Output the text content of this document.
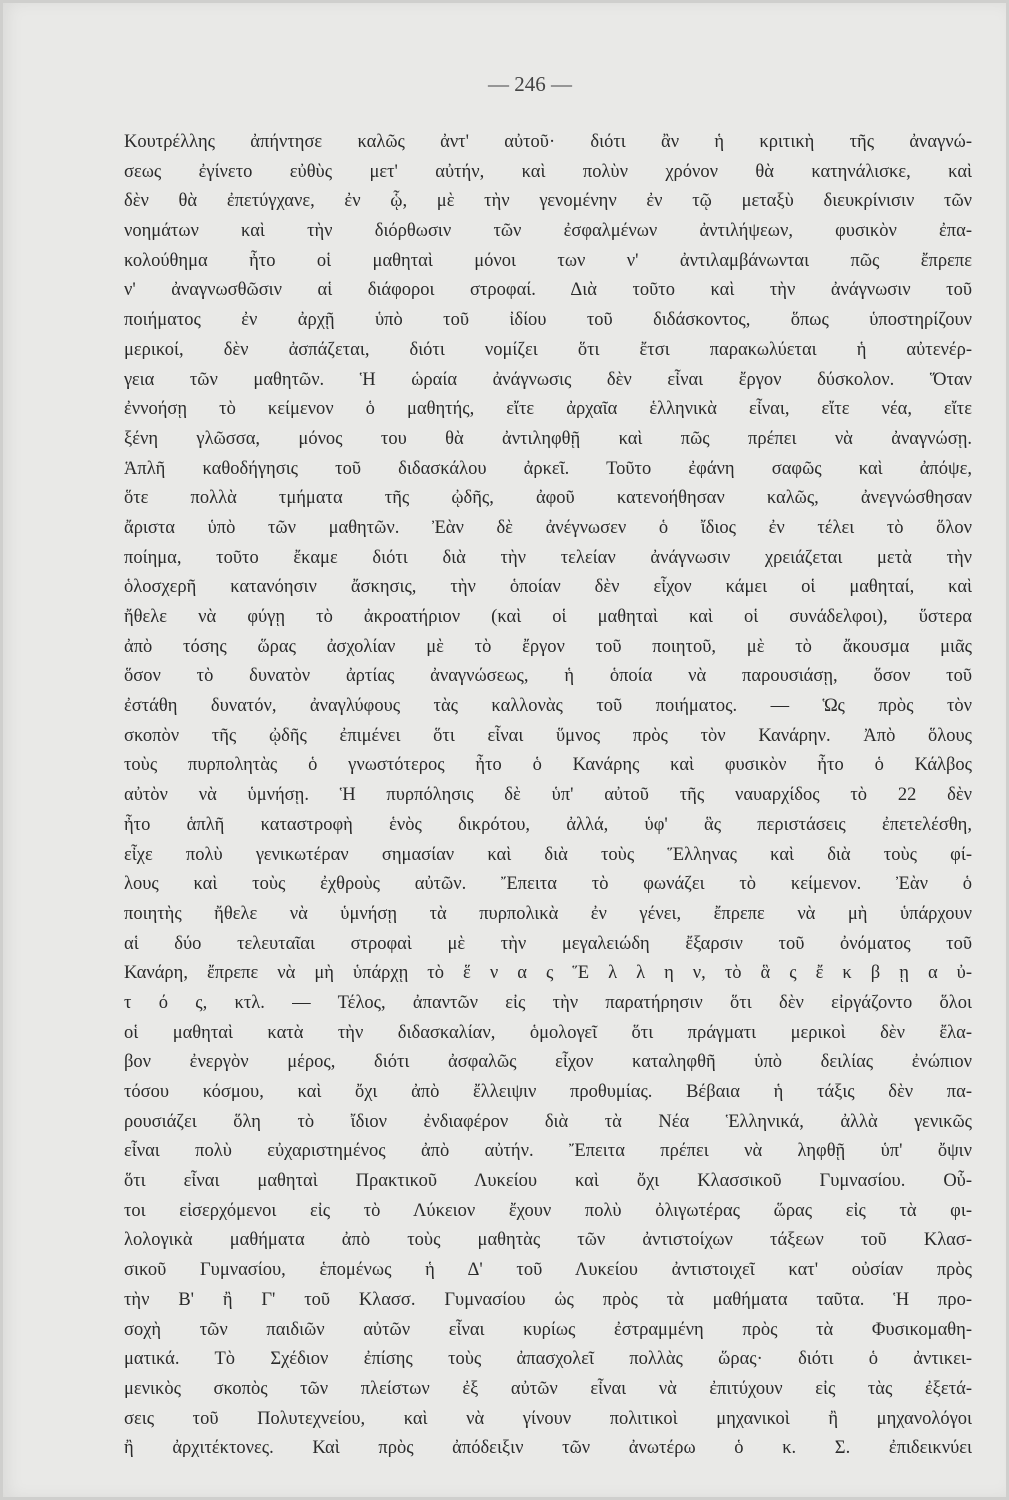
— 246 —
Κουτρέλλης ἀπήντησε καλῶς ἀντ' αὐτοῦ· διότι ἂν ἡ κριτικὴ τῆς ἀναγνώ-
σεως ἐγίνετο εὐθὺς μετ' αὐτήν, καὶ πολὺν χρόνον θὰ κατηνάλισκε, καὶ
δὲν θὰ ἐπετύγχανε, ἐν ᾧ, μὲ τὴν γενομένην ἐν τῷ μεταξὺ διευκρίνισιν τῶν
νοημάτων καὶ τὴν διόρθωσιν τῶν ἐσφαλμένων ἀντιλήψεων, φυσικὸν ἐπα-
κολούθημα ἦτο οἱ μαθηταὶ μόνοι των ν' ἀντιλαμβάνωνται πῶς ἔπρεπε
ν' ἀναγνωσθῶσιν αἱ διάφοροι στροφαί. Διὰ τοῦτο καὶ τὴν ἀνάγνωσιν τοῦ
ποιήματος ἐν ἀρχῇ ὑπὸ τοῦ ἰδίου τοῦ διδάσκοντος, ὅπως ὑποστηρίζουν
μερικοί, δὲν ἀσπάζεται, διότι νομίζει ὅτι ἔτσι παρακωλύεται ἡ αὐτενέρ-
γεια τῶν μαθητῶν. Ἡ ὡραία ἀνάγνωσις δὲν εἶναι ἔργον δύσκολον. Ὅταν
ἐννοήσῃ τὸ κείμενον ὁ μαθητής, εἴτε ἀρχαῖα ἑλληνικὰ εἶναι, εἴτε νέα, εἴτε
ξένη γλῶσσα, μόνος του θὰ ἀντιληφθῇ καὶ πῶς πρέπει νὰ ἀναγνώσῃ.
Ἁπλῆ καθοδήγησις τοῦ διδασκάλου ἀρκεῖ. Τοῦτο ἐφάνη σαφῶς καὶ ἀπόψε,
ὅτε πολλὰ τμήματα τῆς ᾠδῆς, ἀφοῦ κατενοήθησαν καλῶς, ἀνεγνώσθησαν
ἄριστα ὑπὸ τῶν μαθητῶν. Ἐὰν δὲ ἀνέγνωσεν ὁ ἴδιος ἐν τέλει τὸ ὅλον
ποίημα, τοῦτο ἔκαμε διότι διὰ τὴν τελείαν ἀνάγνωσιν χρειάζεται μετὰ τὴν
ὁλοσχερῆ κατανόησιν ἄσκησις, τὴν ὁποίαν δὲν εἶχον κάμει οἱ μαθηταί, καὶ
ἤθελε νὰ φύγῃ τὸ ἀκροατήριον (καὶ οἱ μαθηταὶ καὶ οἱ συνάδελφοι), ὕστερα
ἀπὸ τόσης ὥρας ἀσχολίαν μὲ τὸ ἔργον τοῦ ποιητοῦ, μὲ τὸ ἄκουσμα μιᾶς
ὅσον τὸ δυνατὸν ἀρτίας ἀναγνώσεως, ἡ ὁποία νὰ παρουσιάσῃ, ὅσον τοῦ
ἐστάθη δυνατόν, ἀναγλύφους τὰς καλλονὰς τοῦ ποιήματος. — Ὡς πρὸς τὸν
σκοπὸν τῆς ᾠδῆς ἐπιμένει ὅτι εἶναι ὕμνος πρὸς τὸν Κανάρην. Ἀπὸ ὅλους
τοὺς πυρπολητὰς ὁ γνωστότερος ἦτο ὁ Κανάρης καὶ φυσικὸν ἦτο ὁ Κάλβος
αὐτὸν νὰ ὑμνήσῃ. Ἡ πυρπόλησις δὲ ὑπ' αὐτοῦ τῆς ναυαρχίδος τὸ 22 δὲν
ἦτο ἁπλῆ καταστροφὴ ἑνὸς δικρότου, ἀλλά, ὑφ' ἃς περιστάσεις ἐπετελέσθη,
εἶχε πολὺ γενικωτέραν σημασίαν καὶ διὰ τοὺς Ἕλληνας καὶ διὰ τοὺς φί-
λους καὶ τοὺς ἐχθροὺς αὐτῶν. Ἔπειτα τὸ φωνάζει τὸ κείμενον. Ἐὰν ὁ
ποιητὴς ἤθελε νὰ ὑμνήσῃ τὰ πυρπολικὰ ἐν γένει, ἔπρεπε νὰ μὴ ὑπάρχουν
αἱ δύο τελευταῖαι στροφαὶ μὲ τὴν μεγαλειώδη ἔξαρσιν τοῦ ὀνόματος τοῦ
Κανάρη, ἔπρεπε νὰ μὴ ὑπάρχῃ τὸ ἕ ν α ς Ἕ λ λ η ν, τὸ ἃ ς ἔ κ β ῃ α ὐ-
τ ό ς, κτλ. — Τέλος, ἀπαντῶν εἰς τὴν παρατήρησιν ὅτι δὲν εἰργάζοντο ὅλοι
οἱ μαθηταὶ κατὰ τὴν διδασκαλίαν, ὁμολογεῖ ὅτι πράγματι μερικοὶ δὲν ἔλα-
βον ἐνεργὸν μέρος, διότι ἀσφαλῶς εἶχον καταληφθῆ ὑπὸ δειλίας ἐνώπιον
τόσου κόσμου, καὶ ὄχι ἀπὸ ἔλλειψιν προθυμίας. Βέβαια ἡ τάξις δὲν πα-
ρουσιάζει ὅλη τὸ ἴδιον ἐνδιαφέρον διὰ τὰ Νέα Ἑλληνικά, ἀλλὰ γενικῶς
εἶναι πολὺ εὐχαριστημένος ἀπὸ αὐτήν. Ἔπειτα πρέπει νὰ ληφθῇ ὑπ' ὄψιν
ὅτι εἶναι μαθηταὶ Πρακτικοῦ Λυκείου καὶ ὄχι Κλασσικοῦ Γυμνασίου. Οὗ-
τοι εἰσερχόμενοι εἰς τὸ Λύκειον ἔχουν πολὺ ὀλιγωτέρας ὥρας εἰς τὰ φι-
λολογικὰ μαθήματα ἀπὸ τοὺς μαθητὰς τῶν ἀντιστοίχων τάξεων τοῦ Κλασ-
σικοῦ Γυμνασίου, ἑπομένως ἡ Δ' τοῦ Λυκείου ἀντιστοιχεῖ κατ' οὐσίαν πρὸς
τὴν Β' ἢ Γ' τοῦ Κλασσ. Γυμνασίου ὡς πρὸς τὰ μαθήματα ταῦτα. Ἡ προ-
σοχὴ τῶν παιδιῶν αὐτῶν εἶναι κυρίως ἐστραμμένη πρὸς τὰ Φυσικομαθη-
ματικά. Τὸ Σχέδιον ἐπίσης τοὺς ἀπασχολεῖ πολλὰς ὥρας· διότι ὁ ἀντικει-
μενικὸς σκοπὸς τῶν πλείστων ἐξ αὐτῶν εἶναι νὰ ἐπιτύχουν εἰς τὰς ἐξετά-
σεις τοῦ Πολυτεχνείου, καὶ νὰ γίνουν πολιτικοὶ μηχανικοὶ ἢ μηχανολόγοι
ἢ ἀρχιτέκτονες. Καὶ πρὸς ἀπόδειξιν τῶν ἀνωτέρω ὁ κ. Σ. ἐπιδεικνύει
